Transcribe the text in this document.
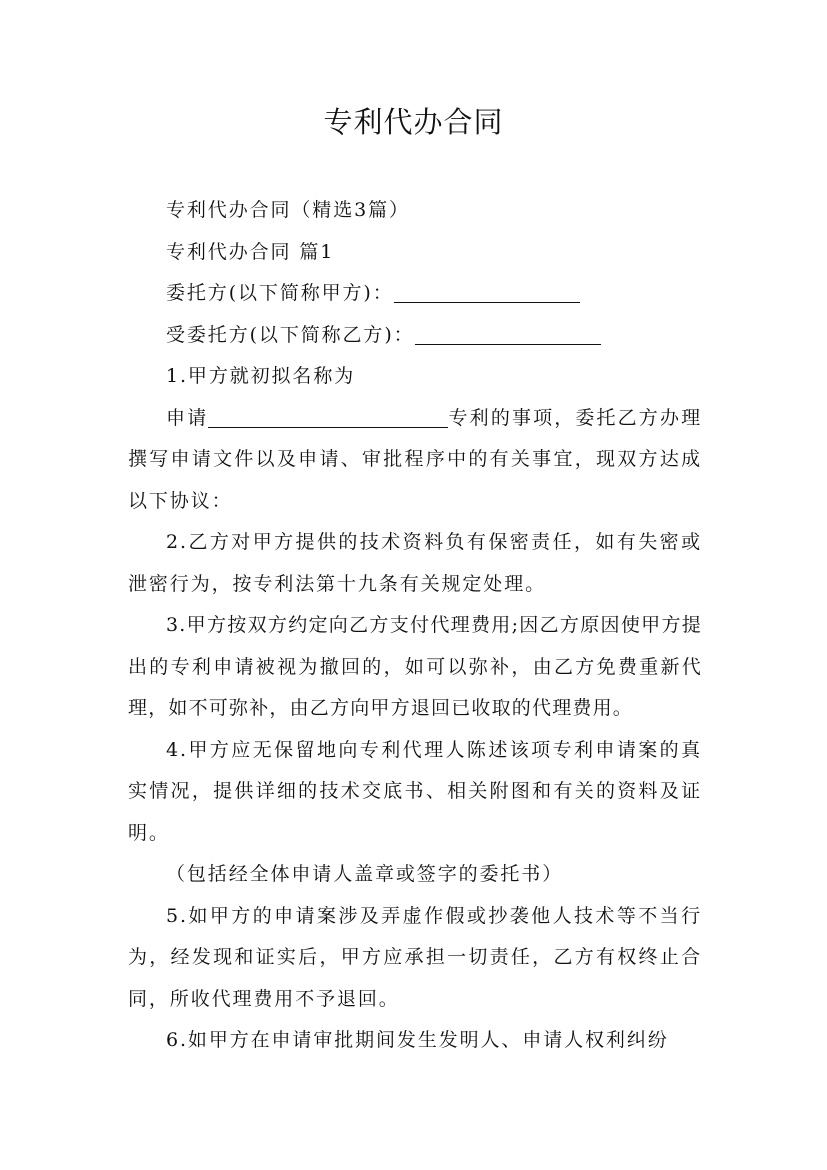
专利代办合同

专利代办合同（精选3篇）

专利代办合同 篇1

委托方(以下简称甲方)：

受委托方(以下简称乙方)：

1.甲方就初拟名称为

申请	专利的事项，委托乙方办理撰写申请文件以及申请、审批程序中的有关事宜，现双方达成以下协议：

2.乙方对甲方提供的技术资料负有保密责任，如有失密或泄密行为，按专利法第十九条有关规定处理。

3.甲方按双方约定向乙方支付代理费用;因乙方原因使甲方提出的专利申请被视为撤回的，如可以弥补，由乙方免费重新代理，如不可弥补，由乙方向甲方退回已收取的代理费用。

4.甲方应无保留地向专利代理人陈述该项专利申请案的真实情况，提供详细的技术交底书、相关附图和有关的资料及证明。

（包括经全体申请人盖章或签字的委托书）

5.如甲方的申请案涉及弄虚作假或抄袭他人技术等不当行为，经发现和证实后，甲方应承担一切责任，乙方有权终止合同，所收代理费用不予退回。

6.如甲方在申请审批期间发生发明人、申请人权利纠纷
